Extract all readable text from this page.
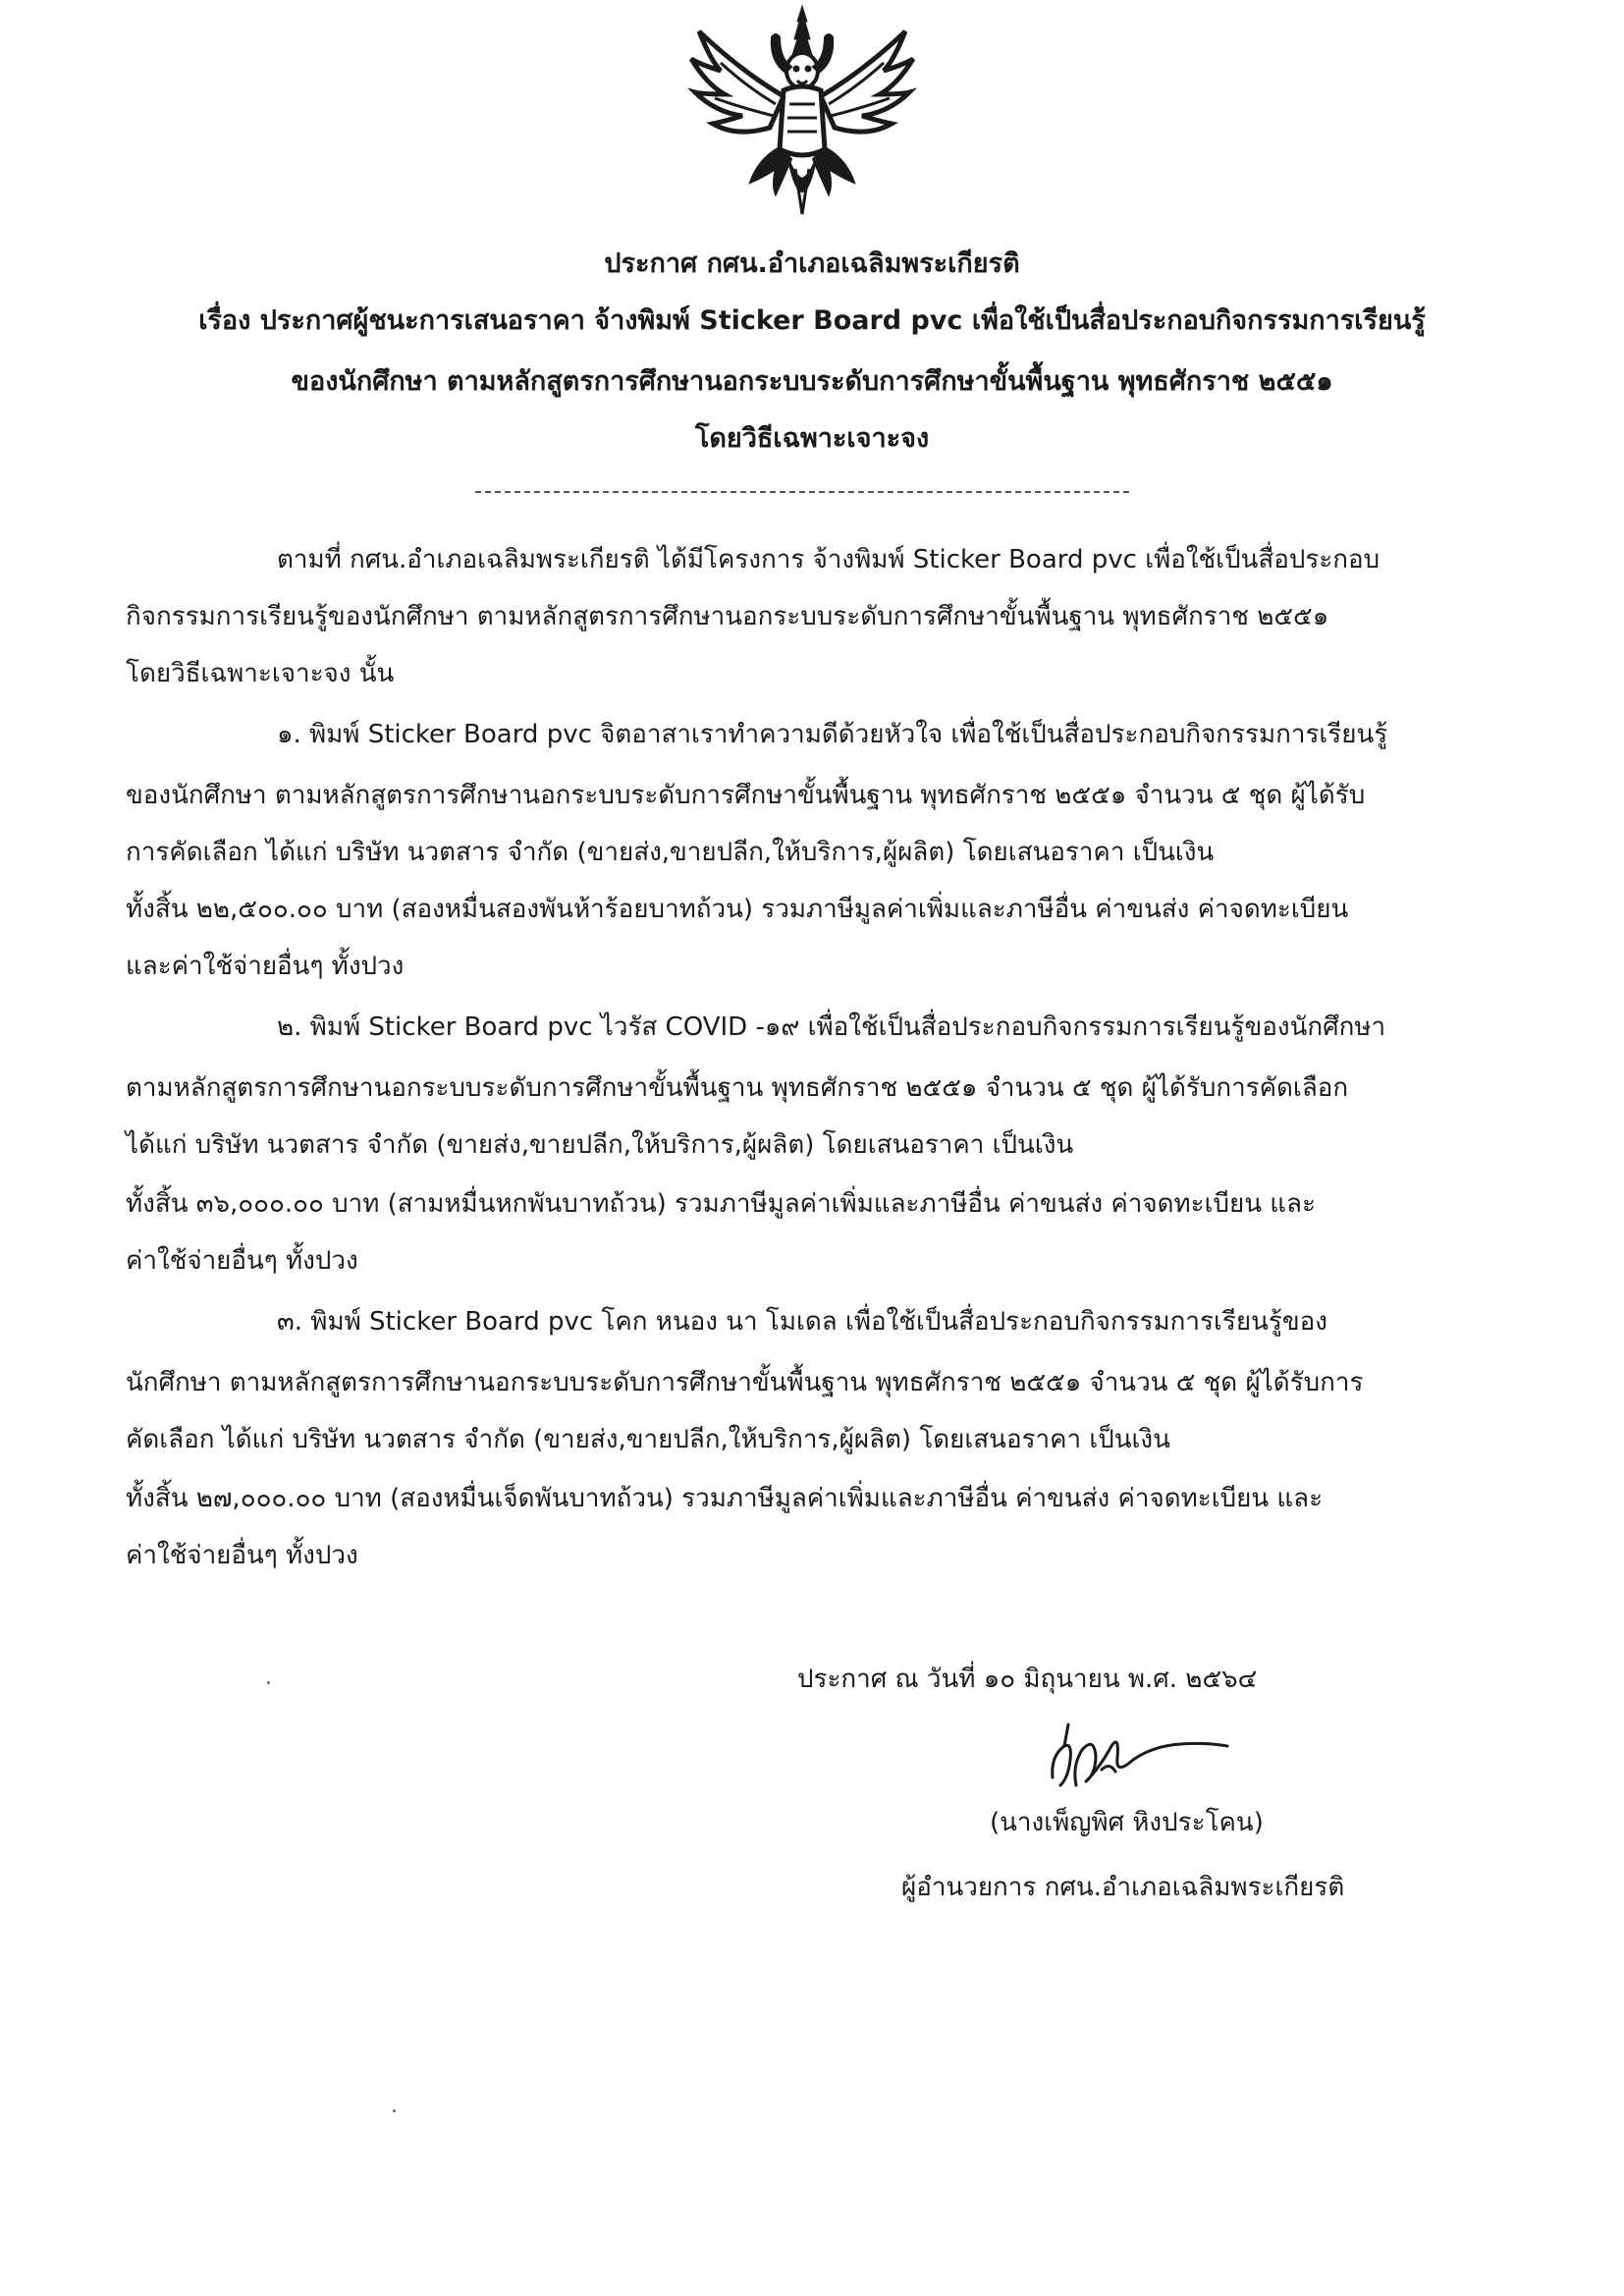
ประกาศ กศน.อำเภอเฉลิมพระเกียรติ
เรื่อง ประกาศผู้ชนะการเสนอราคา จ้างพิมพ์ Sticker Board pvc เพื่อใช้เป็นสื่อประกอบกิจกรรมการเรียนรู้
ของนักศึกษา ตามหลักสูตรการศึกษานอกระบบระดับการศึกษาขั้นพื้นฐาน พุทธศักราช ๒๕๕๑
โดยวิธีเฉพาะเจาะจง
ตามที่ กศน.อำเภอเฉลิมพระเกียรติ ได้มีโครงการ จ้างพิมพ์ Sticker Board pvc เพื่อใช้เป็นสื่อประกอบ
กิจกรรมการเรียนรู้ของนักศึกษา ตามหลักสูตรการศึกษานอกระบบระดับการศึกษาขั้นพื้นฐาน พุทธศักราช ๒๕๕๑
โดยวิธีเฉพาะเจาะจง นั้น
๑. พิมพ์ Sticker Board pvc จิตอาสาเราทำความดีด้วยหัวใจ เพื่อใช้เป็นสื่อประกอบกิจกรรมการเรียนรู้
ของนักศึกษา ตามหลักสูตรการศึกษานอกระบบระดับการศึกษาขั้นพื้นฐาน พุทธศักราช ๒๕๕๑ จำนวน ๕ ชุด ผู้ได้รับ
การคัดเลือก ได้แก่ บริษัท นวตสาร จำกัด (ขายส่ง,ขายปลีก,ให้บริการ,ผู้ผลิต) โดยเสนอราคา เป็นเงิน
ทั้งสิ้น ๒๒,๕๐๐.๐๐ บาท (สองหมื่นสองพันห้าร้อยบาทถ้วน) รวมภาษีมูลค่าเพิ่มและภาษีอื่น ค่าขนส่ง ค่าจดทะเบียน
และค่าใช้จ่ายอื่นๆ ทั้งปวง
๒. พิมพ์ Sticker Board pvc ไวรัส COVID -๑๙ เพื่อใช้เป็นสื่อประกอบกิจกรรมการเรียนรู้ของนักศึกษา
ตามหลักสูตรการศึกษานอกระบบระดับการศึกษาขั้นพื้นฐาน พุทธศักราช ๒๕๕๑ จำนวน ๕ ชุด ผู้ได้รับการคัดเลือก
ได้แก่ บริษัท นวตสาร จำกัด (ขายส่ง,ขายปลีก,ให้บริการ,ผู้ผลิต) โดยเสนอราคา เป็นเงิน
ทั้งสิ้น ๓๖,๐๐๐.๐๐ บาท (สามหมื่นหกพันบาทถ้วน) รวมภาษีมูลค่าเพิ่มและภาษีอื่น ค่าขนส่ง ค่าจดทะเบียน และ
ค่าใช้จ่ายอื่นๆ ทั้งปวง
๓. พิมพ์ Sticker Board pvc โคก หนอง นา โมเดล เพื่อใช้เป็นสื่อประกอบกิจกรรมการเรียนรู้ของ
นักศึกษา ตามหลักสูตรการศึกษานอกระบบระดับการศึกษาขั้นพื้นฐาน พุทธศักราช ๒๕๕๑ จำนวน ๕ ชุด ผู้ได้รับการ
คัดเลือก ได้แก่ บริษัท นวตสาร จำกัด (ขายส่ง,ขายปลีก,ให้บริการ,ผู้ผลิต) โดยเสนอราคา เป็นเงิน
ทั้งสิ้น ๒๗,๐๐๐.๐๐ บาท (สองหมื่นเจ็ดพันบาทถ้วน) รวมภาษีมูลค่าเพิ่มและภาษีอื่น ค่าขนส่ง ค่าจดทะเบียน และ
ค่าใช้จ่ายอื่นๆ ทั้งปวง
ประกาศ ณ วันที่ ๑๐ มิถุนายน พ.ศ. ๒๕๖๔
(นางเพ็ญพิศ หิงประโคน)
ผู้อำนวยการ กศน.อำเภอเฉลิมพระเกียรติ
